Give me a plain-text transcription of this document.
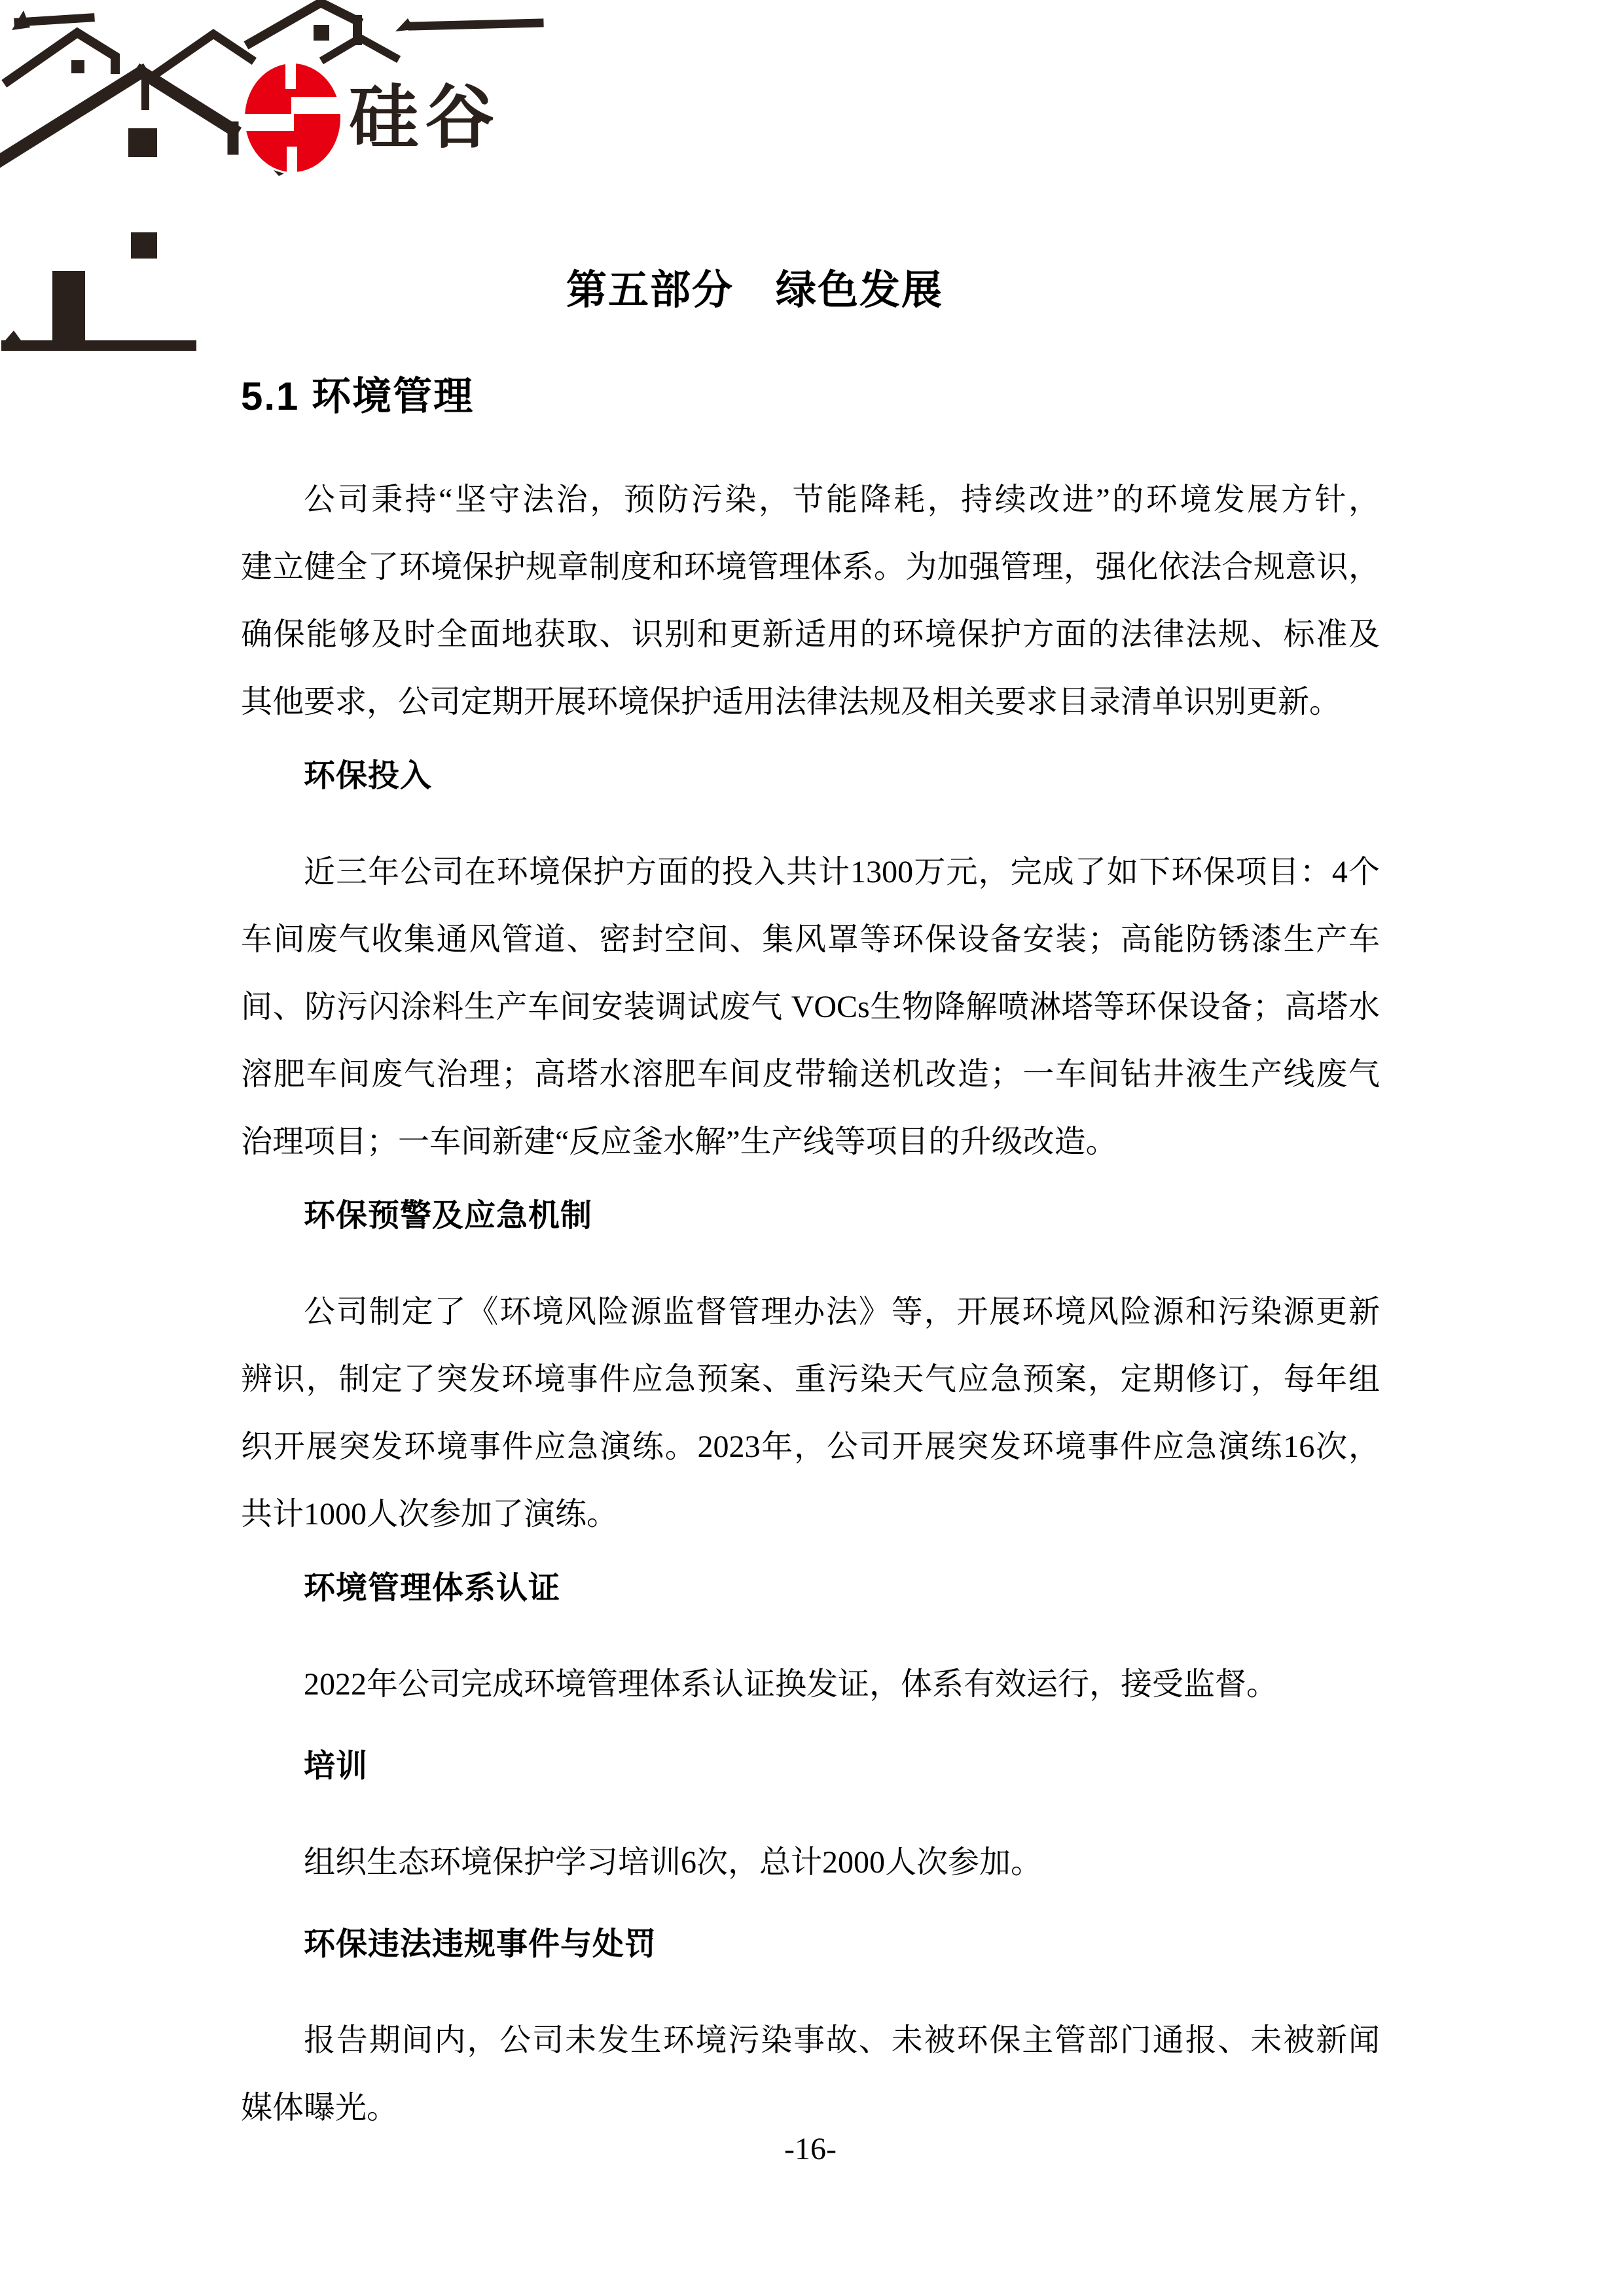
硅谷
第五部分　绿色发展
5.1 环境管理
公司秉持“坚守法治，预防污染，节能降耗，持续改进”的环境发展方针，
建立健全了环境保护规章制度和环境管理体系。为加强管理，强化依法合规意识，
确保能够及时全面地获取、识别和更新适用的环境保护方面的法律法规、标准及
其他要求，公司定期开展环境保护适用法律法规及相关要求目录清单识别更新。
环保投入
近三年公司在环境保护方面的投入共计1300万元，完成了如下环保项目：4个
车间废气收集通风管道、密封空间、集风罩等环保设备安装；高能防锈漆生产车
间、防污闪涂料生产车间安装调试废气 VOCs生物降解喷淋塔等环保设备；高塔水
溶肥车间废气治理；高塔水溶肥车间皮带输送机改造；一车间钻井液生产线废气
治理项目；一车间新建“反应釜水解”生产线等项目的升级改造。
环保预警及应急机制
公司制定了《环境风险源监督管理办法》等，开展环境风险源和污染源更新
辨识，制定了突发环境事件应急预案、重污染天气应急预案，定期修订，每年组
织开展突发环境事件应急演练。2023年，公司开展突发环境事件应急演练16次，
共计1000人次参加了演练。
环境管理体系认证
2022年公司完成环境管理体系认证换发证，体系有效运行，接受监督。
培训
组织生态环境保护学习培训6次，总计2000人次参加。
环保违法违规事件与处罚
报告期间内，公司未发生环境污染事故、未被环保主管部门通报、未被新闻
媒体曝光。
-16-
